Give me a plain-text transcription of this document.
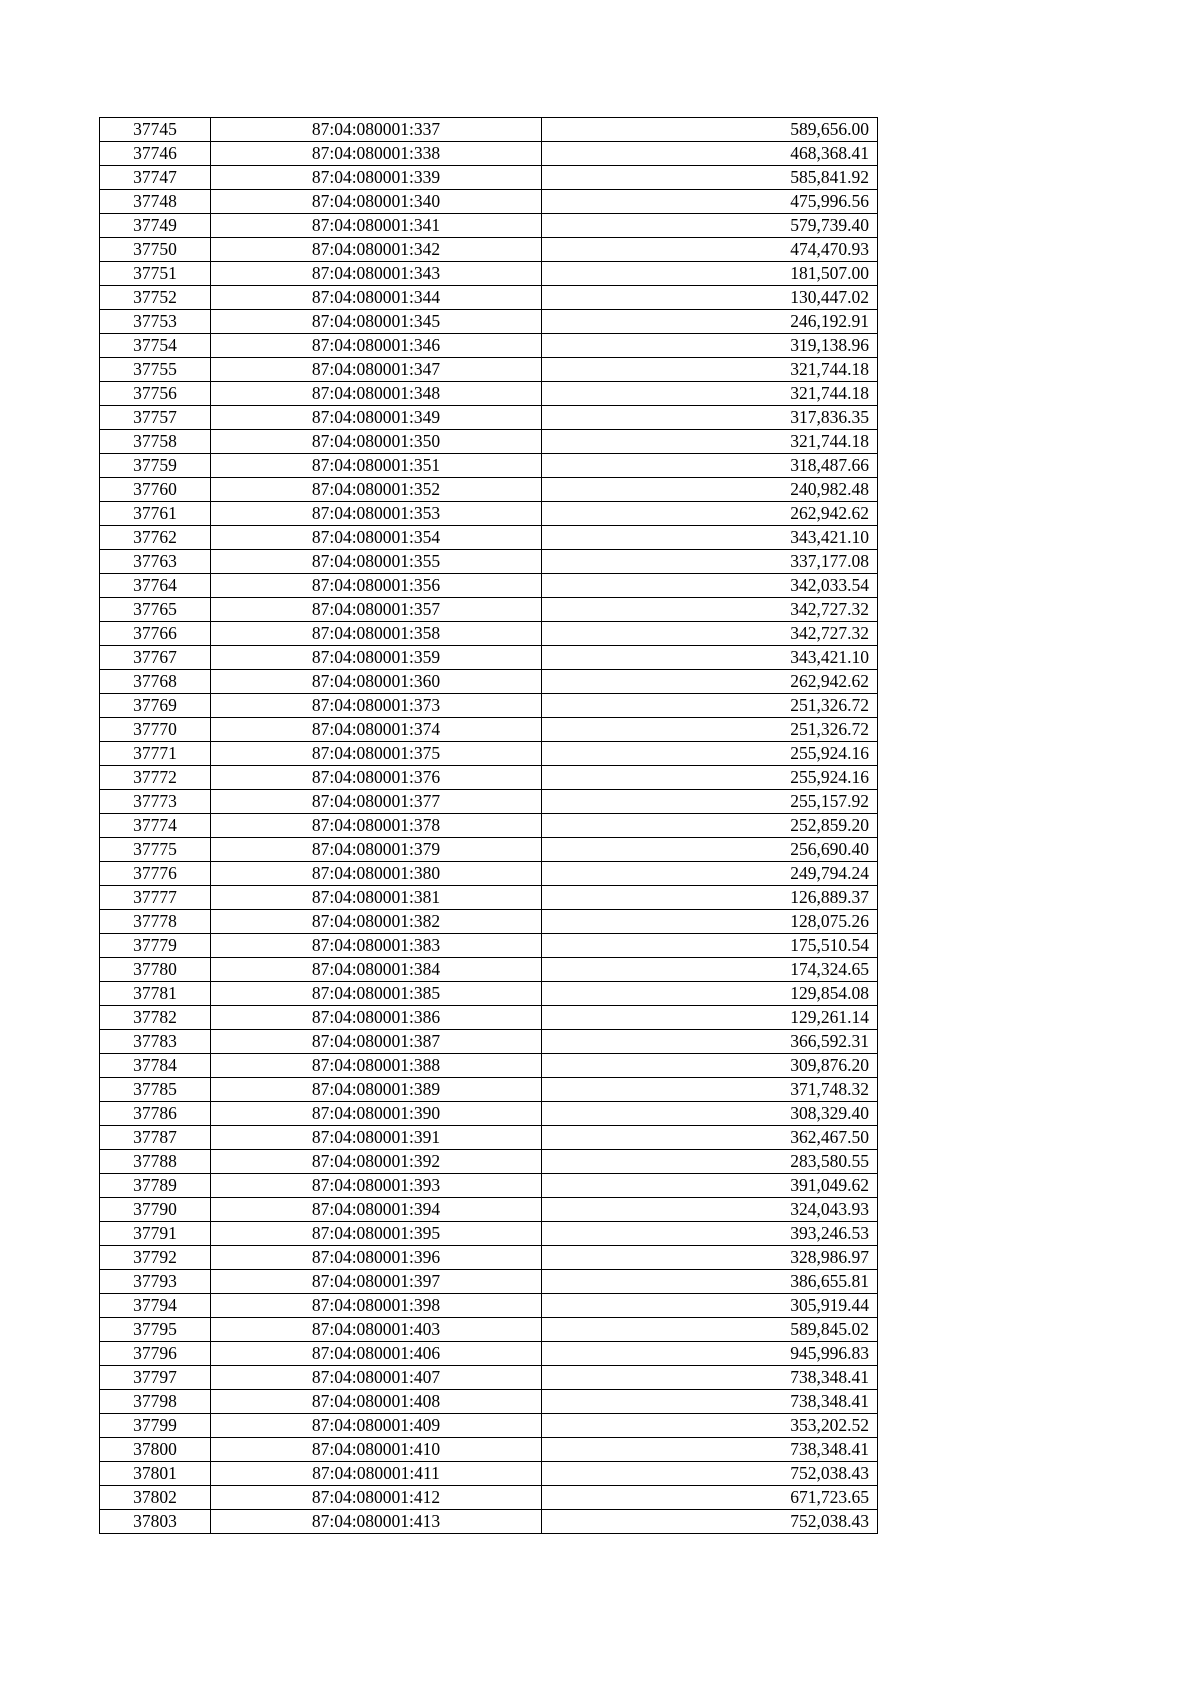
37745	87:04:080001:337	589,656.00
37746	87:04:080001:338	468,368.41
37747	87:04:080001:339	585,841.92
37748	87:04:080001:340	475,996.56
37749	87:04:080001:341	579,739.40
37750	87:04:080001:342	474,470.93
37751	87:04:080001:343	181,507.00
37752	87:04:080001:344	130,447.02
37753	87:04:080001:345	246,192.91
37754	87:04:080001:346	319,138.96
37755	87:04:080001:347	321,744.18
37756	87:04:080001:348	321,744.18
37757	87:04:080001:349	317,836.35
37758	87:04:080001:350	321,744.18
37759	87:04:080001:351	318,487.66
37760	87:04:080001:352	240,982.48
37761	87:04:080001:353	262,942.62
37762	87:04:080001:354	343,421.10
37763	87:04:080001:355	337,177.08
37764	87:04:080001:356	342,033.54
37765	87:04:080001:357	342,727.32
37766	87:04:080001:358	342,727.32
37767	87:04:080001:359	343,421.10
37768	87:04:080001:360	262,942.62
37769	87:04:080001:373	251,326.72
37770	87:04:080001:374	251,326.72
37771	87:04:080001:375	255,924.16
37772	87:04:080001:376	255,924.16
37773	87:04:080001:377	255,157.92
37774	87:04:080001:378	252,859.20
37775	87:04:080001:379	256,690.40
37776	87:04:080001:380	249,794.24
37777	87:04:080001:381	126,889.37
37778	87:04:080001:382	128,075.26
37779	87:04:080001:383	175,510.54
37780	87:04:080001:384	174,324.65
37781	87:04:080001:385	129,854.08
37782	87:04:080001:386	129,261.14
37783	87:04:080001:387	366,592.31
37784	87:04:080001:388	309,876.20
37785	87:04:080001:389	371,748.32
37786	87:04:080001:390	308,329.40
37787	87:04:080001:391	362,467.50
37788	87:04:080001:392	283,580.55
37789	87:04:080001:393	391,049.62
37790	87:04:080001:394	324,043.93
37791	87:04:080001:395	393,246.53
37792	87:04:080001:396	328,986.97
37793	87:04:080001:397	386,655.81
37794	87:04:080001:398	305,919.44
37795	87:04:080001:403	589,845.02
37796	87:04:080001:406	945,996.83
37797	87:04:080001:407	738,348.41
37798	87:04:080001:408	738,348.41
37799	87:04:080001:409	353,202.52
37800	87:04:080001:410	738,348.41
37801	87:04:080001:411	752,038.43
37802	87:04:080001:412	671,723.65
37803	87:04:080001:413	752,038.43
